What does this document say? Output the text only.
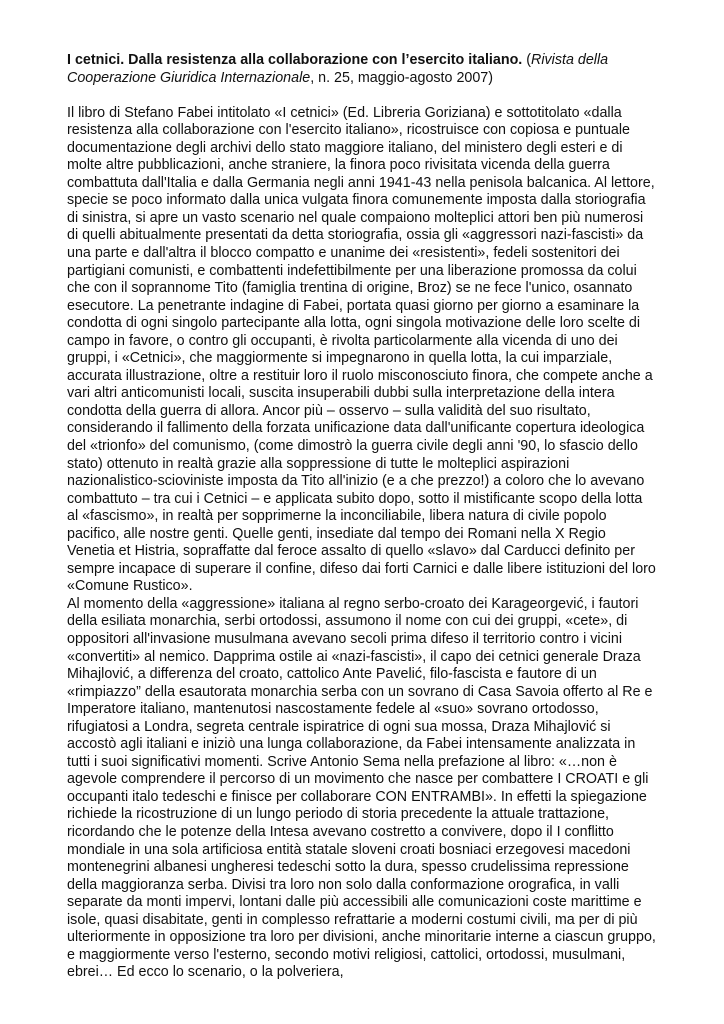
I cetnici. Dalla resistenza alla collaborazione con l’esercito italiano. (Rivista della Cooperazione Giuridica Internazionale, n. 25, maggio-agosto 2007)

Il libro di Stefano Fabei intitolato «I cetnici» (Ed. Libreria Goriziana) e sottotitolato «dalla resistenza alla collaborazione con l'esercito italiano», ricostruisce con copiosa e puntuale documentazione degli archivi dello stato maggiore italiano, del ministero degli esteri e di molte altre pubblicazioni, anche straniere, la finora poco rivisitata vicenda della guerra combattuta dall'Italia e dalla Germania negli anni 1941-43 nella penisola balcanica. Al lettore, specie se poco informato dalla unica vulgata finora comunemente imposta dalla storiografia di sinistra, si apre un vasto scenario nel quale compaiono molteplici attori ben più numerosi di quelli abitualmente presentati da detta storiografia, ossia gli «aggressori nazi-fascisti» da una parte e dall'altra il blocco compatto e unanime dei «resistenti», fedeli sostenitori dei partigiani comunisti, e combattenti indefettibilmente per una liberazione promossa da colui che con il soprannome Tito (famiglia trentina di origine, Broz) se ne fece l'unico, osannato esecutore. La penetrante indagine di Fabei, portata quasi giorno per giorno a esaminare la condotta di ogni singolo partecipante alla lotta, ogni singola motivazione delle loro scelte di campo in favore, o contro gli occupanti, è rivolta particolarmente alla vicenda di uno dei gruppi, i «Cetnici», che maggiormente si impegnarono in quella lotta, la cui imparziale, accurata illustrazione, oltre a restituir loro il ruolo misconosciuto finora, che compete anche a vari altri anticomunisti locali, suscita insuperabili dubbi sulla interpretazione della intera condotta della guerra di allora. Ancor più – osservo – sulla validità del suo risultato, considerando il fallimento della forzata unificazione data dall'unificante copertura ideologica del «trionfo» del comunismo, (come dimostrò la guerra civile degli anni '90, lo sfascio dello stato) ottenuto in realtà grazie alla soppressione di tutte le molteplici aspirazioni nazionalistico-scioviniste imposta da Tito all'inizio (e a che prezzo!) a coloro che lo avevano combattuto – tra cui i Cetnici – e applicata subito dopo, sotto il mistificante scopo della lotta al «fascismo», in realtà per sopprimerne la inconciliabile, libera natura di civile popolo pacifico, alle nostre genti. Quelle genti, insediate dal tempo dei Romani nella X Regio Venetia et Histria, sopraffatte dal feroce assalto di quello «slavo» dal Carducci definito per sempre incapace di superare il confine, difeso dai forti Carnici e dalle libere istituzioni del loro «Comune Rustico».

Al momento della «aggressione» italiana al regno serbo-croato dei Karageorgević, i fautori della esiliata monarchia, serbi ortodossi, assumono il nome con cui dei gruppi, «cete», di oppositori all'invasione musulmana avevano secoli prima difeso il territorio contro i vicini «convertiti» al nemico. Dapprima ostile ai «nazi-fascisti», il capo dei cetnici generale Draza Mihajlović, a differenza del croato, cattolico Ante Pavelić, filo-fascista e fautore di un «rimpiazzo” della esautorata monarchia serba con un sovrano di Casa Savoia offerto al Re e Imperatore italiano, mantenutosi nascostamente fedele al «suo» sovrano ortodosso, rifugiatosi a Londra, segreta centrale ispiratrice di ogni sua mossa, Draza Mihajlović si accostò agli italiani e iniziò una lunga collaborazione, da Fabei intensamente analizzata in tutti i suoi significativi momenti. Scrive Antonio Sema nella prefazione al libro: «…non è agevole comprendere il percorso di un movimento che nasce per combattere I CROATI e gli occupanti italo tedeschi e finisce per collaborare CON ENTRAMBI». In effetti la spiegazione richiede la ricostruzione di un lungo periodo di storia precedente la attuale trattazione, ricordando che le potenze della Intesa avevano costretto a convivere, dopo il I conflitto mondiale in una sola artificiosa entità statale sloveni croati bosniaci erzegovesi macedoni montenegrini albanesi ungheresi tedeschi sotto la dura, spesso crudelissima repressione della maggioranza serba. Divisi tra loro non solo dalla conformazione orografica, in valli separate da monti impervi, lontani dalle più accessibili alle comunicazioni coste marittime e isole, quasi disabitate, genti in complesso refrattarie a moderni costumi civili, ma per di più ulteriormente in opposizione tra loro per divisioni, anche minoritarie interne a ciascun gruppo, e maggiormente verso l'esterno, secondo motivi religiosi, cattolici, ortodossi, musulmani, ebrei… Ed ecco lo scenario, o la polveriera,
